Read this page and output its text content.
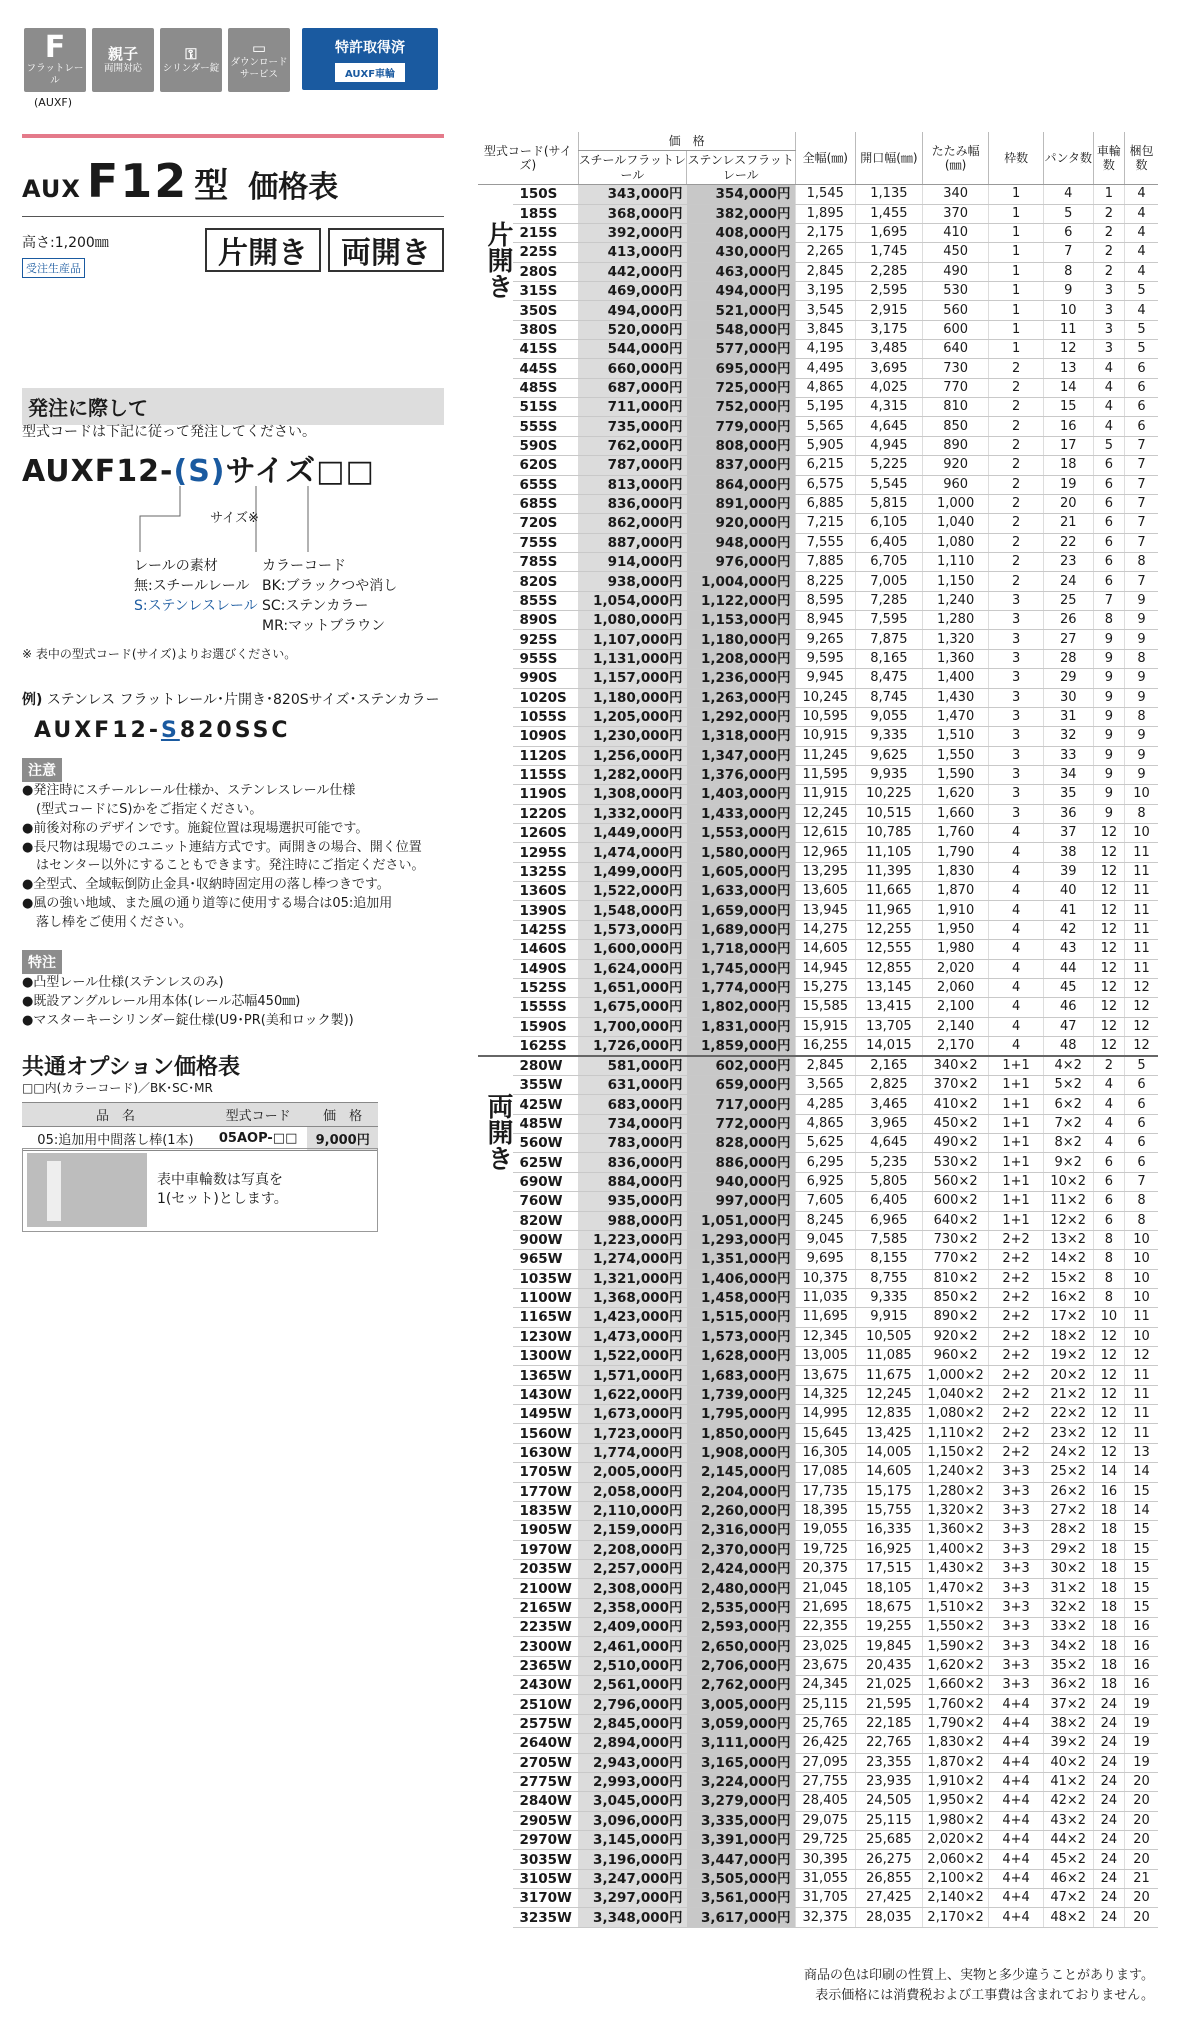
F
フラットレール
親子
両開対応
⚿
シリンダー錠
▭
ダウンロードサービス
特許取得済
AUXF車輪
(AUXF)
AUX F12 型 価格表
高さ:1,200㎜
受注生産品	片開き	両開き
発注に際して
型式コードは下記に従って発注してください。
AUXF12-(S)サイズ□□
サイズ※
レールの素材
無:スチールレール
S:ステンレスレール
カラーコード
BK:ブラックつや消し
SC:ステンカラー
MR:マットブラウン
※ 表中の型式コード(サイズ)よりお選びください。
例) ステンレス フラットレール･片開き･820Sサイズ･ステンカラー
AUXF12-S820SSC
注意
●発注時にスチールレール仕様か、ステンレスレール仕様
(型式コードにS)かをご指定ください。
●前後対称のデザインです。施錠位置は現場選択可能です。
●長尺物は現場でのユニット連結方式です。両開きの場合、開く位置
はセンター以外にすることもできます。発注時にご指定ください。
●全型式、全域転倒防止金具･収納時固定用の落し棒つきです。
●風の強い地域、また風の通り道等に使用する場合は05:追加用
落し棒をご使用ください。
特注
●凸型レール仕様(ステンレスのみ)
●既設アングルレール用本体(レール芯幅450㎜)
●マスターキーシリンダー錠仕様(U9･PR(美和ロック製))
共通オプション価格表
□□内(カラーコード)／BK･SC･MR
品　名	型式コード	価　格
05:追加用中間落し棒(1本)	05AOP-□□	9,000円
表中車輪数は写真を
1(セット)とします。
片開き
両開き
型式コード(サイズ)		価　格		全幅(㎜)	開口幅(㎜)	たたみ幅(㎜)	枠数	パンタ数	車輪数	梱包数
		スチールフラットレール	ステンレスフラットレール							
	150S	343,000円	354,000円	1,545	1,135	340	1	4	1	4
	185S	368,000円	382,000円	1,895	1,455	370	1	5	2	4
	215S	392,000円	408,000円	2,175	1,695	410	1	6	2	4
	225S	413,000円	430,000円	2,265	1,745	450	1	7	2	4
	280S	442,000円	463,000円	2,845	2,285	490	1	8	2	4
	315S	469,000円	494,000円	3,195	2,595	530	1	9	3	5
	350S	494,000円	521,000円	3,545	2,915	560	1	10	3	4
	380S	520,000円	548,000円	3,845	3,175	600	1	11	3	5
	415S	544,000円	577,000円	4,195	3,485	640	1	12	3	5
	445S	660,000円	695,000円	4,495	3,695	730	2	13	4	6
	485S	687,000円	725,000円	4,865	4,025	770	2	14	4	6
	515S	711,000円	752,000円	5,195	4,315	810	2	15	4	6
	555S	735,000円	779,000円	5,565	4,645	850	2	16	4	6
	590S	762,000円	808,000円	5,905	4,945	890	2	17	5	7
	620S	787,000円	837,000円	6,215	5,225	920	2	18	6	7
	655S	813,000円	864,000円	6,575	5,545	960	2	19	6	7
	685S	836,000円	891,000円	6,885	5,815	1,000	2	20	6	7
	720S	862,000円	920,000円	7,215	6,105	1,040	2	21	6	7
	755S	887,000円	948,000円	7,555	6,405	1,080	2	22	6	7
	785S	914,000円	976,000円	7,885	6,705	1,110	2	23	6	8
	820S	938,000円	1,004,000円	8,225	7,005	1,150	2	24	6	7
	855S	1,054,000円	1,122,000円	8,595	7,285	1,240	3	25	7	9
	890S	1,080,000円	1,153,000円	8,945	7,595	1,280	3	26	8	9
	925S	1,107,000円	1,180,000円	9,265	7,875	1,320	3	27	9	9
	955S	1,131,000円	1,208,000円	9,595	8,165	1,360	3	28	9	8
	990S	1,157,000円	1,236,000円	9,945	8,475	1,400	3	29	9	9
	1020S	1,180,000円	1,263,000円	10,245	8,745	1,430	3	30	9	9
	1055S	1,205,000円	1,292,000円	10,595	9,055	1,470	3	31	9	8
	1090S	1,230,000円	1,318,000円	10,915	9,335	1,510	3	32	9	9
	1120S	1,256,000円	1,347,000円	11,245	9,625	1,550	3	33	9	9
	1155S	1,282,000円	1,376,000円	11,595	9,935	1,590	3	34	9	9
	1190S	1,308,000円	1,403,000円	11,915	10,225	1,620	3	35	9	10
	1220S	1,332,000円	1,433,000円	12,245	10,515	1,660	3	36	9	8
	1260S	1,449,000円	1,553,000円	12,615	10,785	1,760	4	37	12	10
	1295S	1,474,000円	1,580,000円	12,965	11,105	1,790	4	38	12	11
	1325S	1,499,000円	1,605,000円	13,295	11,395	1,830	4	39	12	11
	1360S	1,522,000円	1,633,000円	13,605	11,665	1,870	4	40	12	11
	1390S	1,548,000円	1,659,000円	13,945	11,965	1,910	4	41	12	11
	1425S	1,573,000円	1,689,000円	14,275	12,255	1,950	4	42	12	11
	1460S	1,600,000円	1,718,000円	14,605	12,555	1,980	4	43	12	11
	1490S	1,624,000円	1,745,000円	14,945	12,855	2,020	4	44	12	11
	1525S	1,651,000円	1,774,000円	15,275	13,145	2,060	4	45	12	12
	1555S	1,675,000円	1,802,000円	15,585	13,415	2,100	4	46	12	12
	1590S	1,700,000円	1,831,000円	15,915	13,705	2,140	4	47	12	12
	1625S	1,726,000円	1,859,000円	16,255	14,015	2,170	4	48	12	12
	280W	581,000円	602,000円	2,845	2,165	340×2	1+1	4×2	2	5
	355W	631,000円	659,000円	3,565	2,825	370×2	1+1	5×2	4	6
	425W	683,000円	717,000円	4,285	3,465	410×2	1+1	6×2	4	6
	485W	734,000円	772,000円	4,865	3,965	450×2	1+1	7×2	4	6
	560W	783,000円	828,000円	5,625	4,645	490×2	1+1	8×2	4	6
	625W	836,000円	886,000円	6,295	5,235	530×2	1+1	9×2	6	6
	690W	884,000円	940,000円	6,925	5,805	560×2	1+1	10×2	6	7
	760W	935,000円	997,000円	7,605	6,405	600×2	1+1	11×2	6	8
	820W	988,000円	1,051,000円	8,245	6,965	640×2	1+1	12×2	6	8
	900W	1,223,000円	1,293,000円	9,045	7,585	730×2	2+2	13×2	8	10
	965W	1,274,000円	1,351,000円	9,695	8,155	770×2	2+2	14×2	8	10
	1035W	1,321,000円	1,406,000円	10,375	8,755	810×2	2+2	15×2	8	10
	1100W	1,368,000円	1,458,000円	11,035	9,335	850×2	2+2	16×2	8	10
	1165W	1,423,000円	1,515,000円	11,695	9,915	890×2	2+2	17×2	10	11
	1230W	1,473,000円	1,573,000円	12,345	10,505	920×2	2+2	18×2	12	10
	1300W	1,522,000円	1,628,000円	13,005	11,085	960×2	2+2	19×2	12	12
	1365W	1,571,000円	1,683,000円	13,675	11,675	1,000×2	2+2	20×2	12	11
	1430W	1,622,000円	1,739,000円	14,325	12,245	1,040×2	2+2	21×2	12	11
	1495W	1,673,000円	1,795,000円	14,995	12,835	1,080×2	2+2	22×2	12	11
	1560W	1,723,000円	1,850,000円	15,645	13,425	1,110×2	2+2	23×2	12	11
	1630W	1,774,000円	1,908,000円	16,305	14,005	1,150×2	2+2	24×2	12	13
	1705W	2,005,000円	2,145,000円	17,085	14,605	1,240×2	3+3	25×2	14	14
	1770W	2,058,000円	2,204,000円	17,735	15,175	1,280×2	3+3	26×2	16	15
	1835W	2,110,000円	2,260,000円	18,395	15,755	1,320×2	3+3	27×2	18	14
	1905W	2,159,000円	2,316,000円	19,055	16,335	1,360×2	3+3	28×2	18	15
	1970W	2,208,000円	2,370,000円	19,725	16,925	1,400×2	3+3	29×2	18	15
	2035W	2,257,000円	2,424,000円	20,375	17,515	1,430×2	3+3	30×2	18	15
	2100W	2,308,000円	2,480,000円	21,045	18,105	1,470×2	3+3	31×2	18	15
	2165W	2,358,000円	2,535,000円	21,695	18,675	1,510×2	3+3	32×2	18	15
	2235W	2,409,000円	2,593,000円	22,355	19,255	1,550×2	3+3	33×2	18	16
	2300W	2,461,000円	2,650,000円	23,025	19,845	1,590×2	3+3	34×2	18	16
	2365W	2,510,000円	2,706,000円	23,675	20,435	1,620×2	3+3	35×2	18	16
	2430W	2,561,000円	2,762,000円	24,345	21,025	1,660×2	3+3	36×2	18	16
	2510W	2,796,000円	3,005,000円	25,115	21,595	1,760×2	4+4	37×2	24	19
	2575W	2,845,000円	3,059,000円	25,765	22,185	1,790×2	4+4	38×2	24	19
	2640W	2,894,000円	3,111,000円	26,425	22,765	1,830×2	4+4	39×2	24	19
	2705W	2,943,000円	3,165,000円	27,095	23,355	1,870×2	4+4	40×2	24	19
	2775W	2,993,000円	3,224,000円	27,755	23,935	1,910×2	4+4	41×2	24	20
	2840W	3,045,000円	3,279,000円	28,405	24,505	1,950×2	4+4	42×2	24	20
	2905W	3,096,000円	3,335,000円	29,075	25,115	1,980×2	4+4	43×2	24	20
	2970W	3,145,000円	3,391,000円	29,725	25,685	2,020×2	4+4	44×2	24	20
	3035W	3,196,000円	3,447,000円	30,395	26,275	2,060×2	4+4	45×2	24	20
	3105W	3,247,000円	3,505,000円	31,055	26,855	2,100×2	4+4	46×2	24	21
	3170W	3,297,000円	3,561,000円	31,705	27,425	2,140×2	4+4	47×2	24	20
	3235W	3,348,000円	3,617,000円	32,375	28,035	2,170×2	4+4	48×2	24	20
商品の色は印刷の性質上、実物と多少違うことがあります。
表示価格には消費税および工事費は含まれておりません。
